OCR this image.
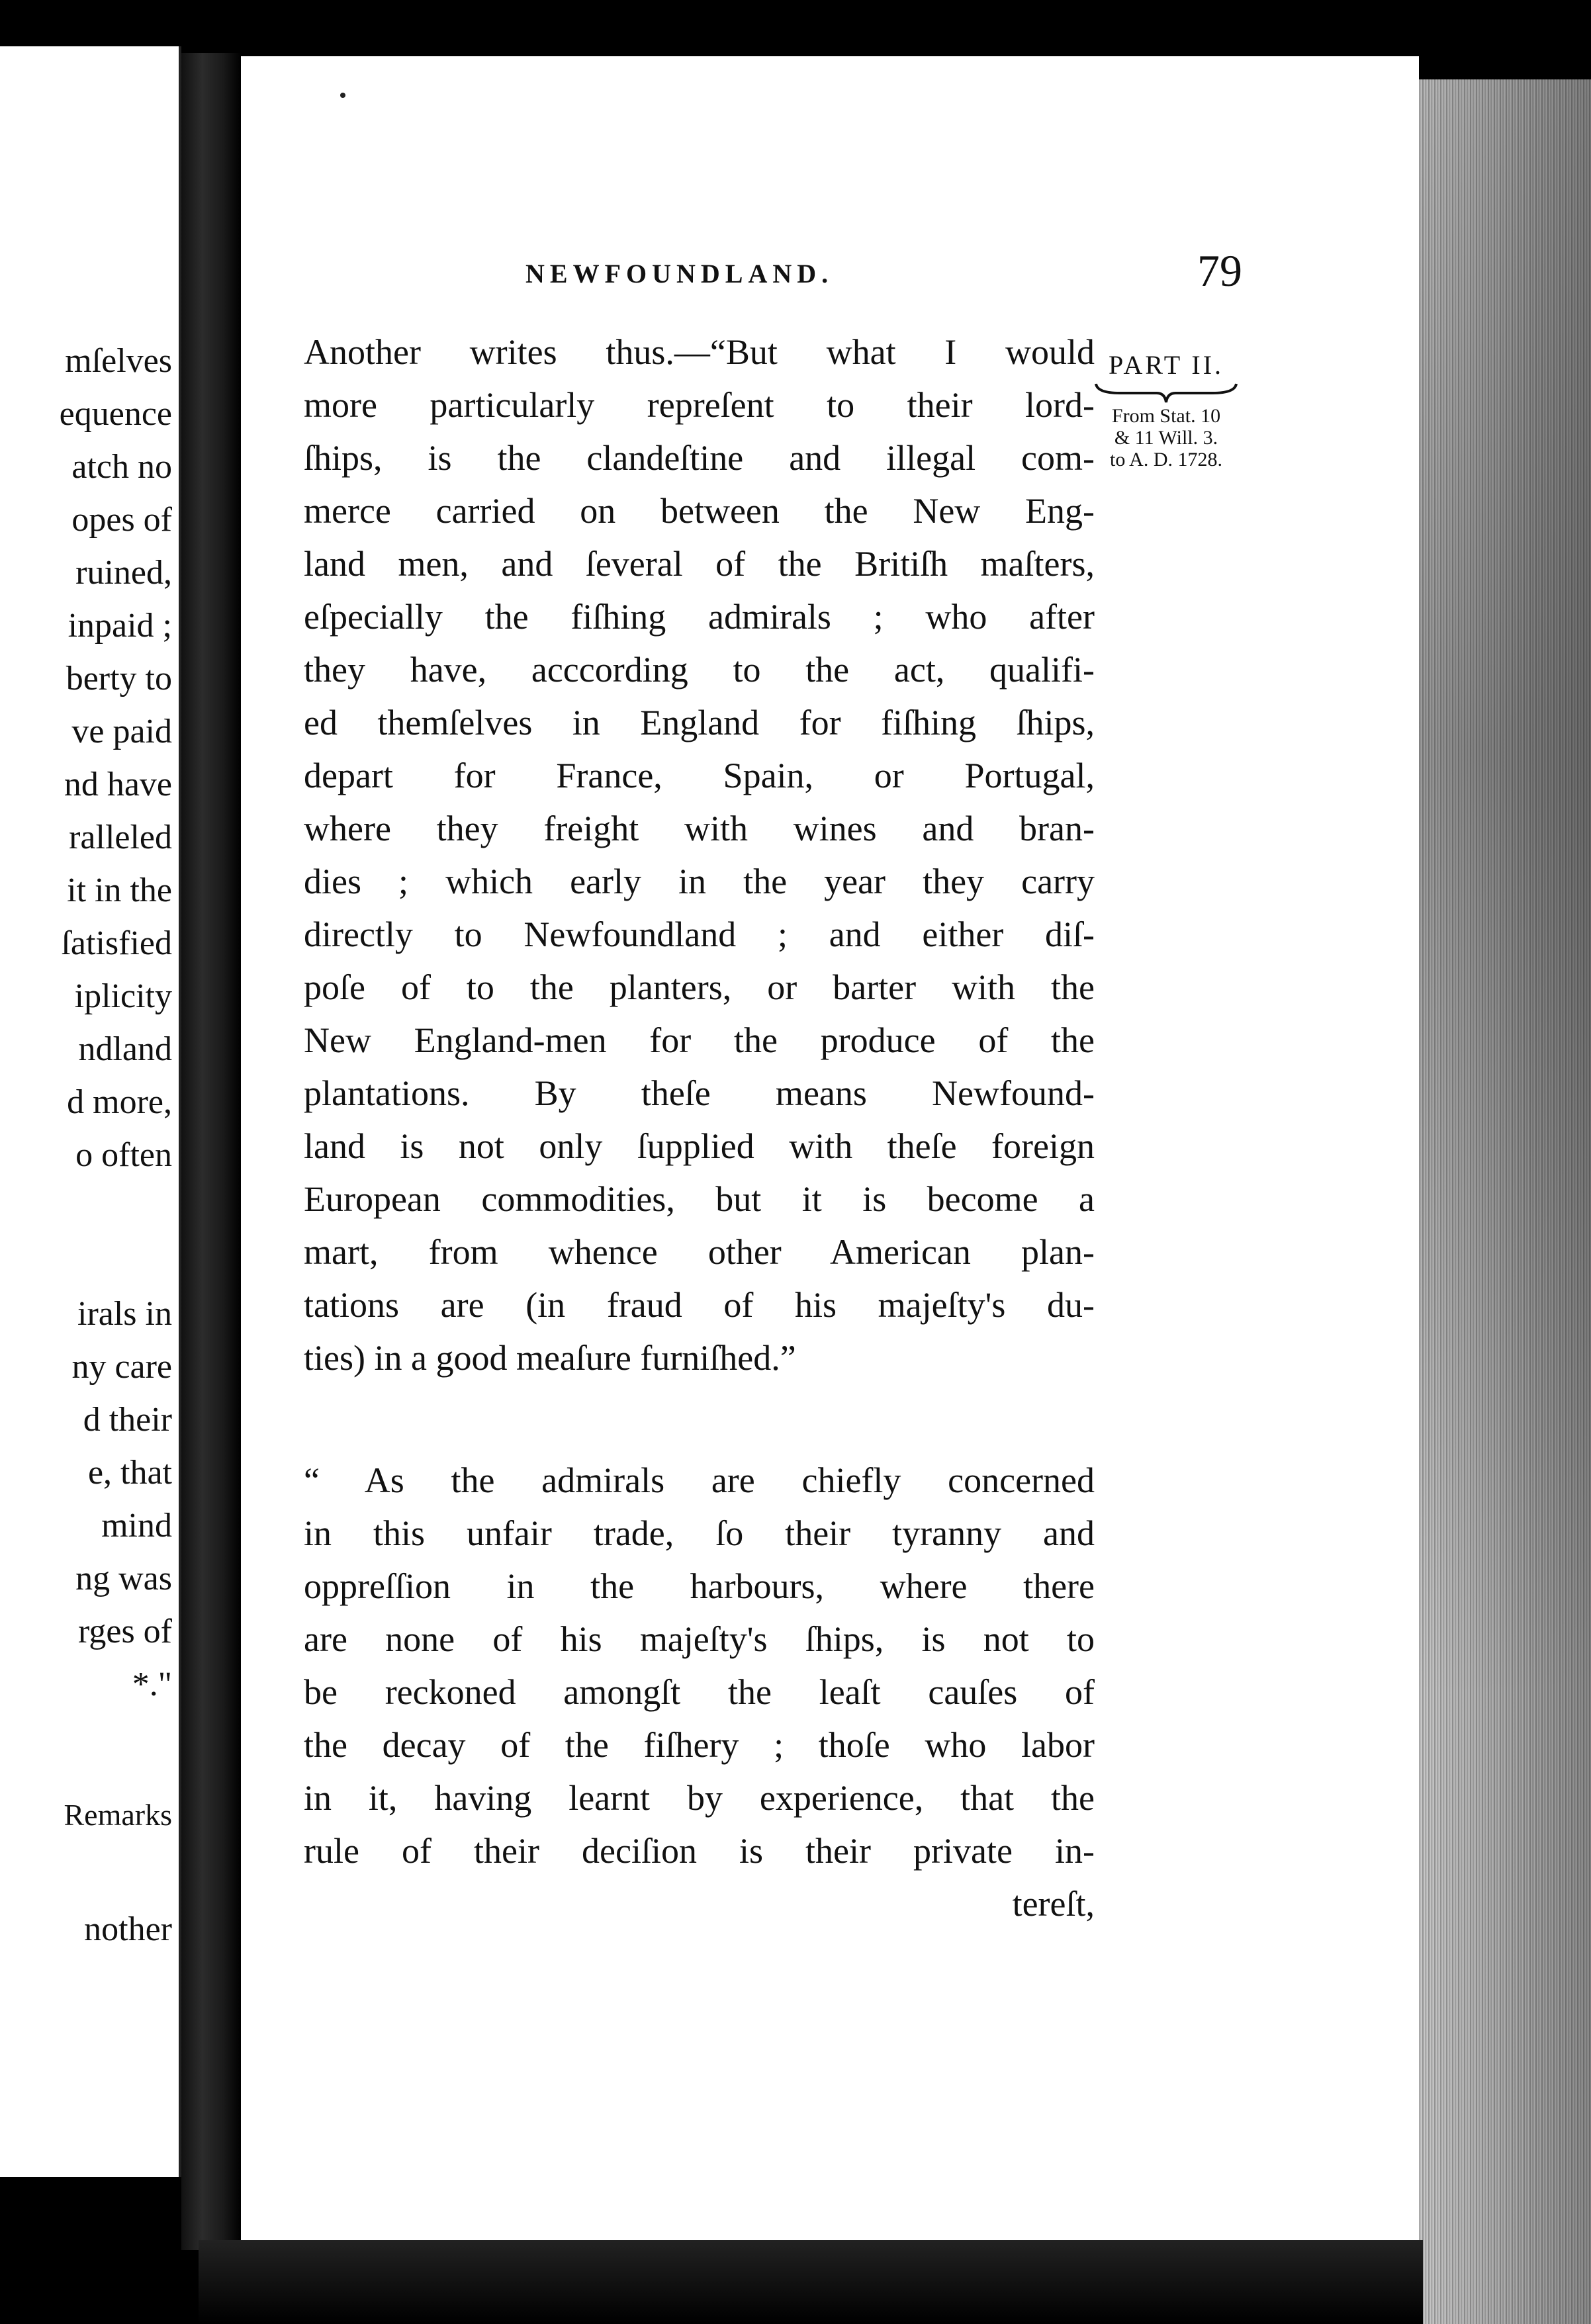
mſelves
equence
atch no
opes of
ruined,
inpaid ;
berty to
ve paid
nd have
ralleled
it in the
ſatisfied
iplicity
ndland
d more,
o often
irals in
ny care
d their
e, that
mind
ng was
rges of
*."
Remarks
nother
NEWFOUNDLAND.	79
PART II.
From Stat. 10
& 11 Will. 3.
to A. D. 1728.
Another writes thus.—“But what I would
more particularly repreſent to their lord-
ſhips, is the clandeſtine and illegal com-
merce carried on between the New Eng-
land men, and ſeveral of the Britiſh maſters,
eſpecially the fiſhing admirals ; who after
they have, acccording to the act, qualifi-
ed themſelves in England for fiſhing ſhips,
depart for France, Spain, or Portugal,
where they freight with wines and bran-
dies ; which early in the year they carry
directly to Newfoundland ; and either diſ-
poſe of to the planters, or barter with the
New England-men for the produce of the
plantations. By theſe means Newfound-
land is not only ſupplied with theſe foreign
European commodities, but it is become a
mart, from whence other American plan-
tations are (in fraud of his majeſty's du-
ties) in a good meaſure furniſhed.”
“ As the admirals are chiefly concerned
in this unfair trade, ſo their tyranny and
oppreſſion in the harbours, where there
are none of his majeſty's ſhips, is not to
be reckoned amongſt the leaſt cauſes of
the decay of the fiſhery ; thoſe who labor
in it, having learnt by experience, that the
rule of their deciſion is their private in-
tereſt,
